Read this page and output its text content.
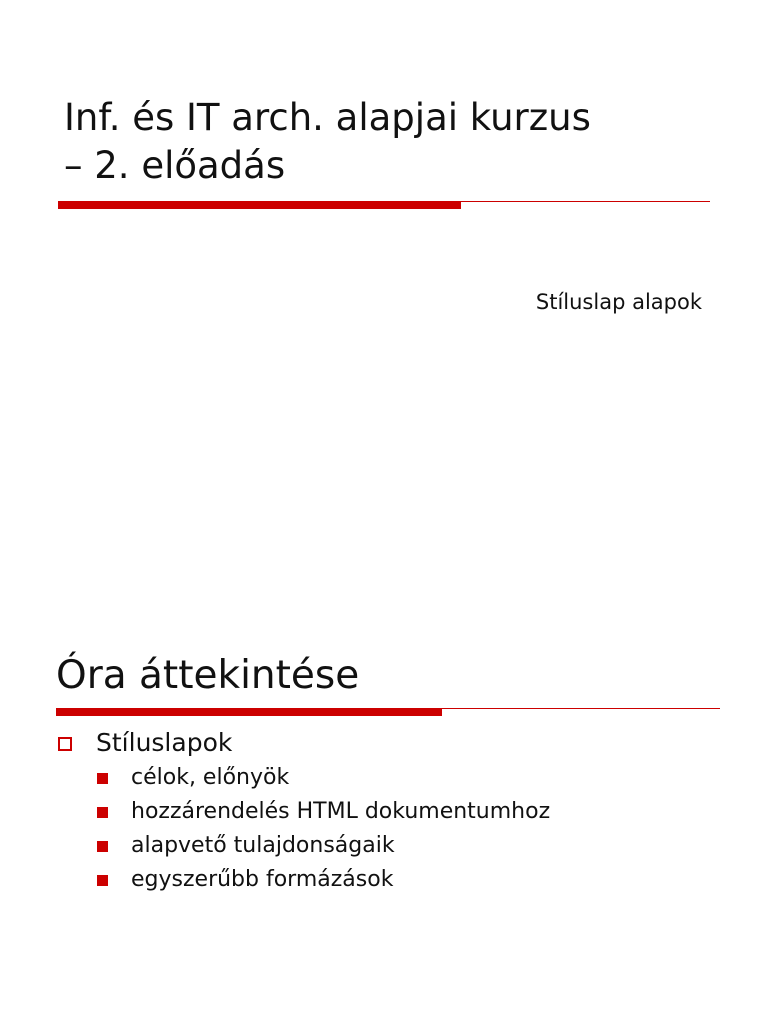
Inf. és IT arch. alapjai kurzus
– 2. előadás
Stíluslap alapok
Óra áttekintése
Stíluslapok
célok, előnyök
hozzárendelés HTML dokumentumhoz
alapvető tulajdonságaik
egyszerűbb formázások
